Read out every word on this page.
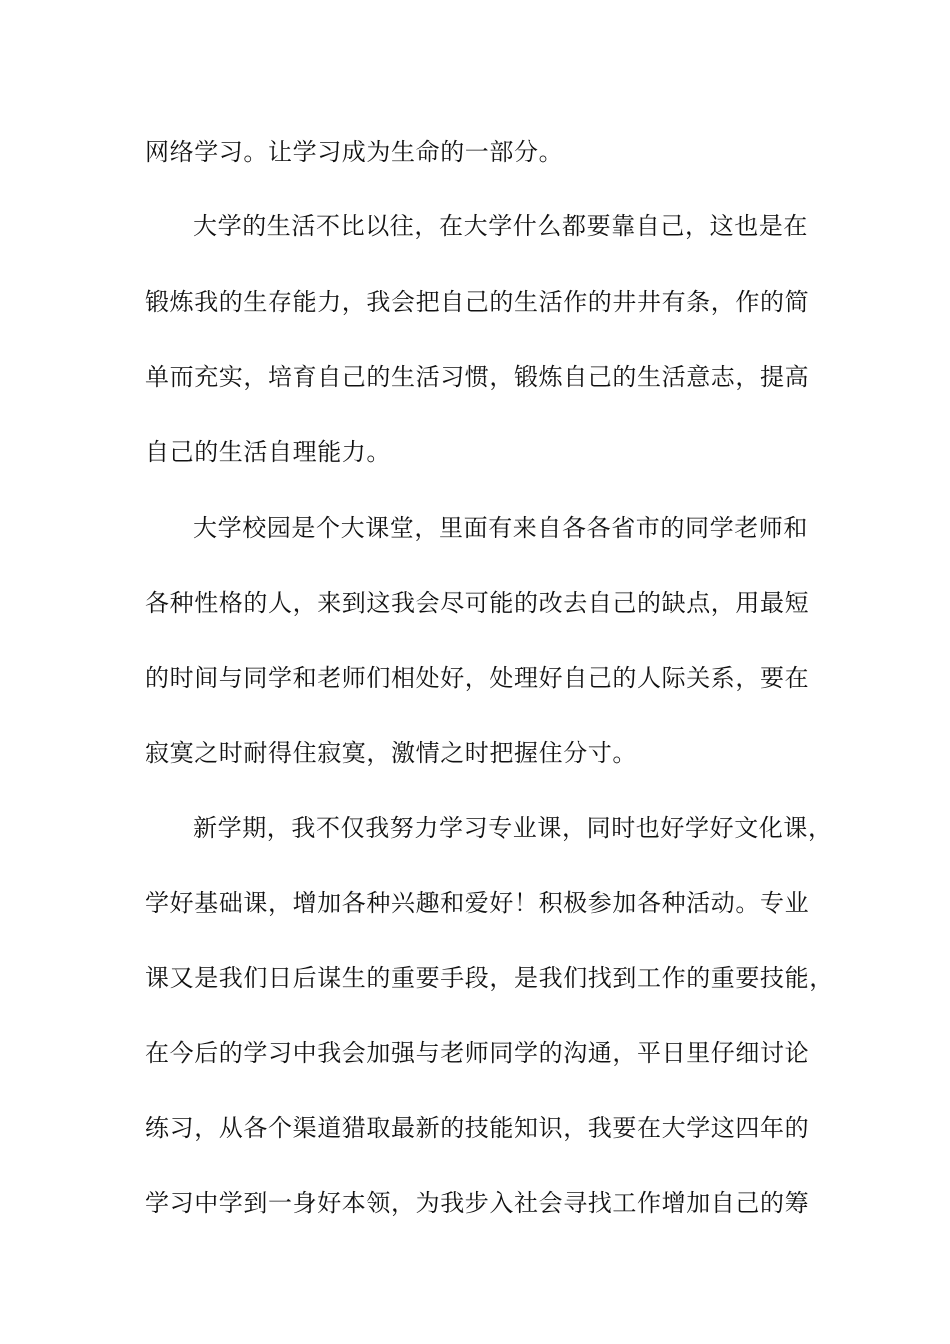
网络学习。让学习成为生命的一部分。
大学的生活不比以往，在大学什么都要靠自己，这也是在
锻炼我的生存能力，我会把自己的生活作的井井有条，作的简
单而充实，培育自己的生活习惯，锻炼自己的生活意志，提高
自己的生活自理能力。
大学校园是个大课堂，里面有来自各各省市的同学老师和
各种性格的人，来到这我会尽可能的改去自己的缺点，用最短
的时间与同学和老师们相处好，处理好自己的人际关系，要在
寂寞之时耐得住寂寞，激情之时把握住分寸。
新学期，我不仅我努力学习专业课，同时也好学好文化课，
学好基础课，增加各种兴趣和爱好！积极参加各种活动。专业
课又是我们日后谋生的重要手段，是我们找到工作的重要技能，
在今后的学习中我会加强与老师同学的沟通，平日里仔细讨论
练习，从各个渠道猎取最新的技能知识，我要在大学这四年的
学习中学到一身好本领，为我步入社会寻找工作增加自己的筹
